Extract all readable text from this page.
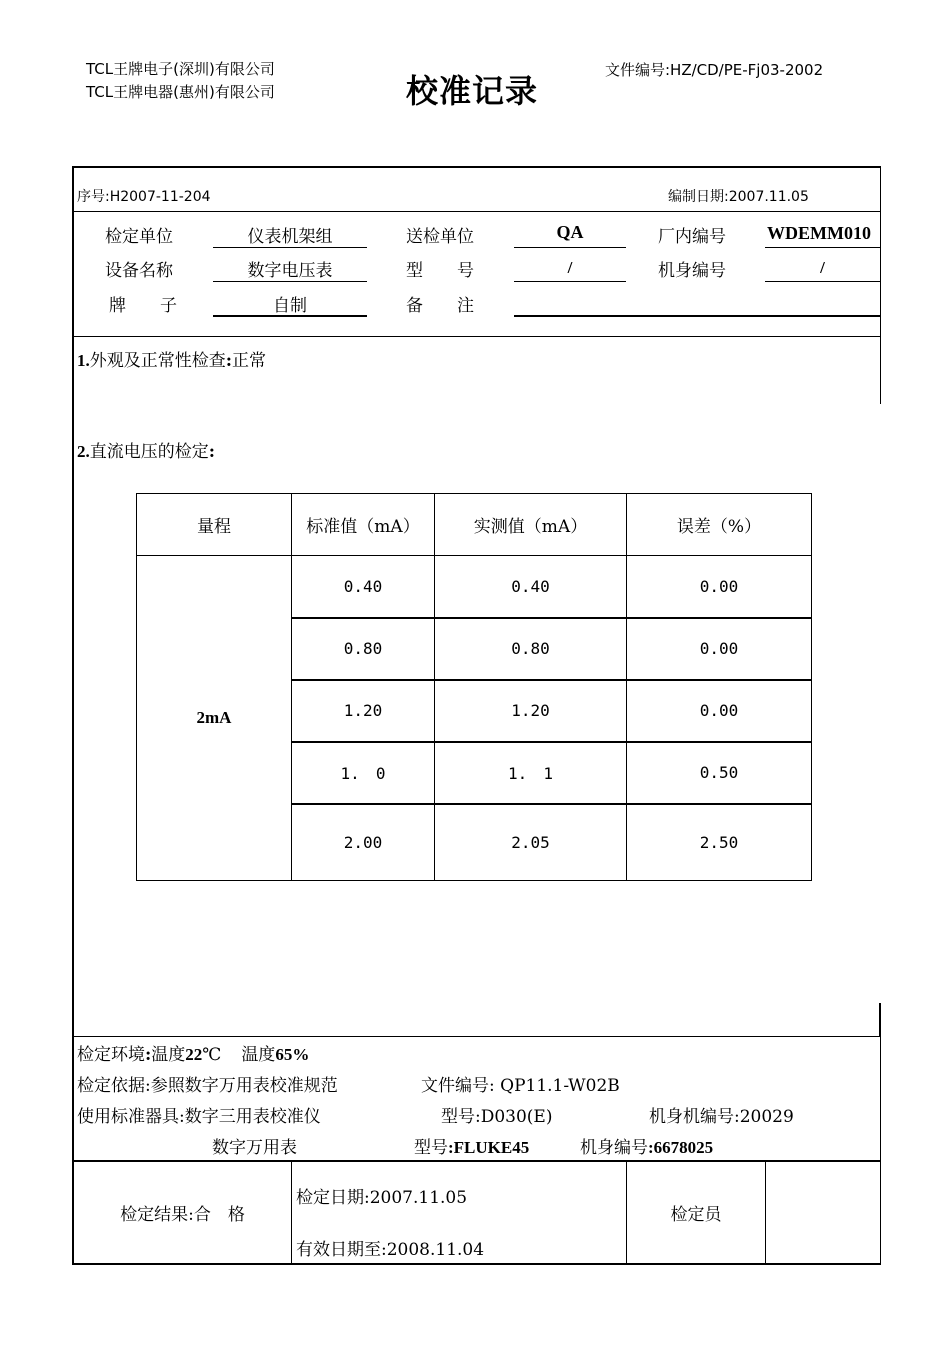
TCL王牌电子(深圳)有限公司
TCL王牌电器(惠州)有限公司	校准记录
文件编号:HZ/CD/PE-Fj03-2002
序号:H2007-11-204	编制日期:2007.11.05
检定单位	仪表机架组	送检单位	QA	厂内编号 WDEMM010
设备名称	数字电压表	型　　号	/	机身编号	/
牌　　子	自制	备　　注
1.外观及正常性检查:正常
2.直流电压的检定:
量程	标准值（mA）	实测值（mA）	误差（%）
2mA
0.40	0.40	0.00
0.80	0.80	0.00
1.20	1.20	0.00
1.　0	1.　1	0.50
2.00	2.05	2.50
检定环境:温度22℃ 温度65%
检定依据:参照数字万用表校准规范	文件编号: QP11.1-W02B
使用标准器具:数字三用表校准仪	型号:D030(E)	机身机编号:20029
数字万用表	型号:FLUKE45	机身编号:6678025
检定结果:合　格
检定日期:2007.11.05
有效日期至:2008.11.04
检定员
